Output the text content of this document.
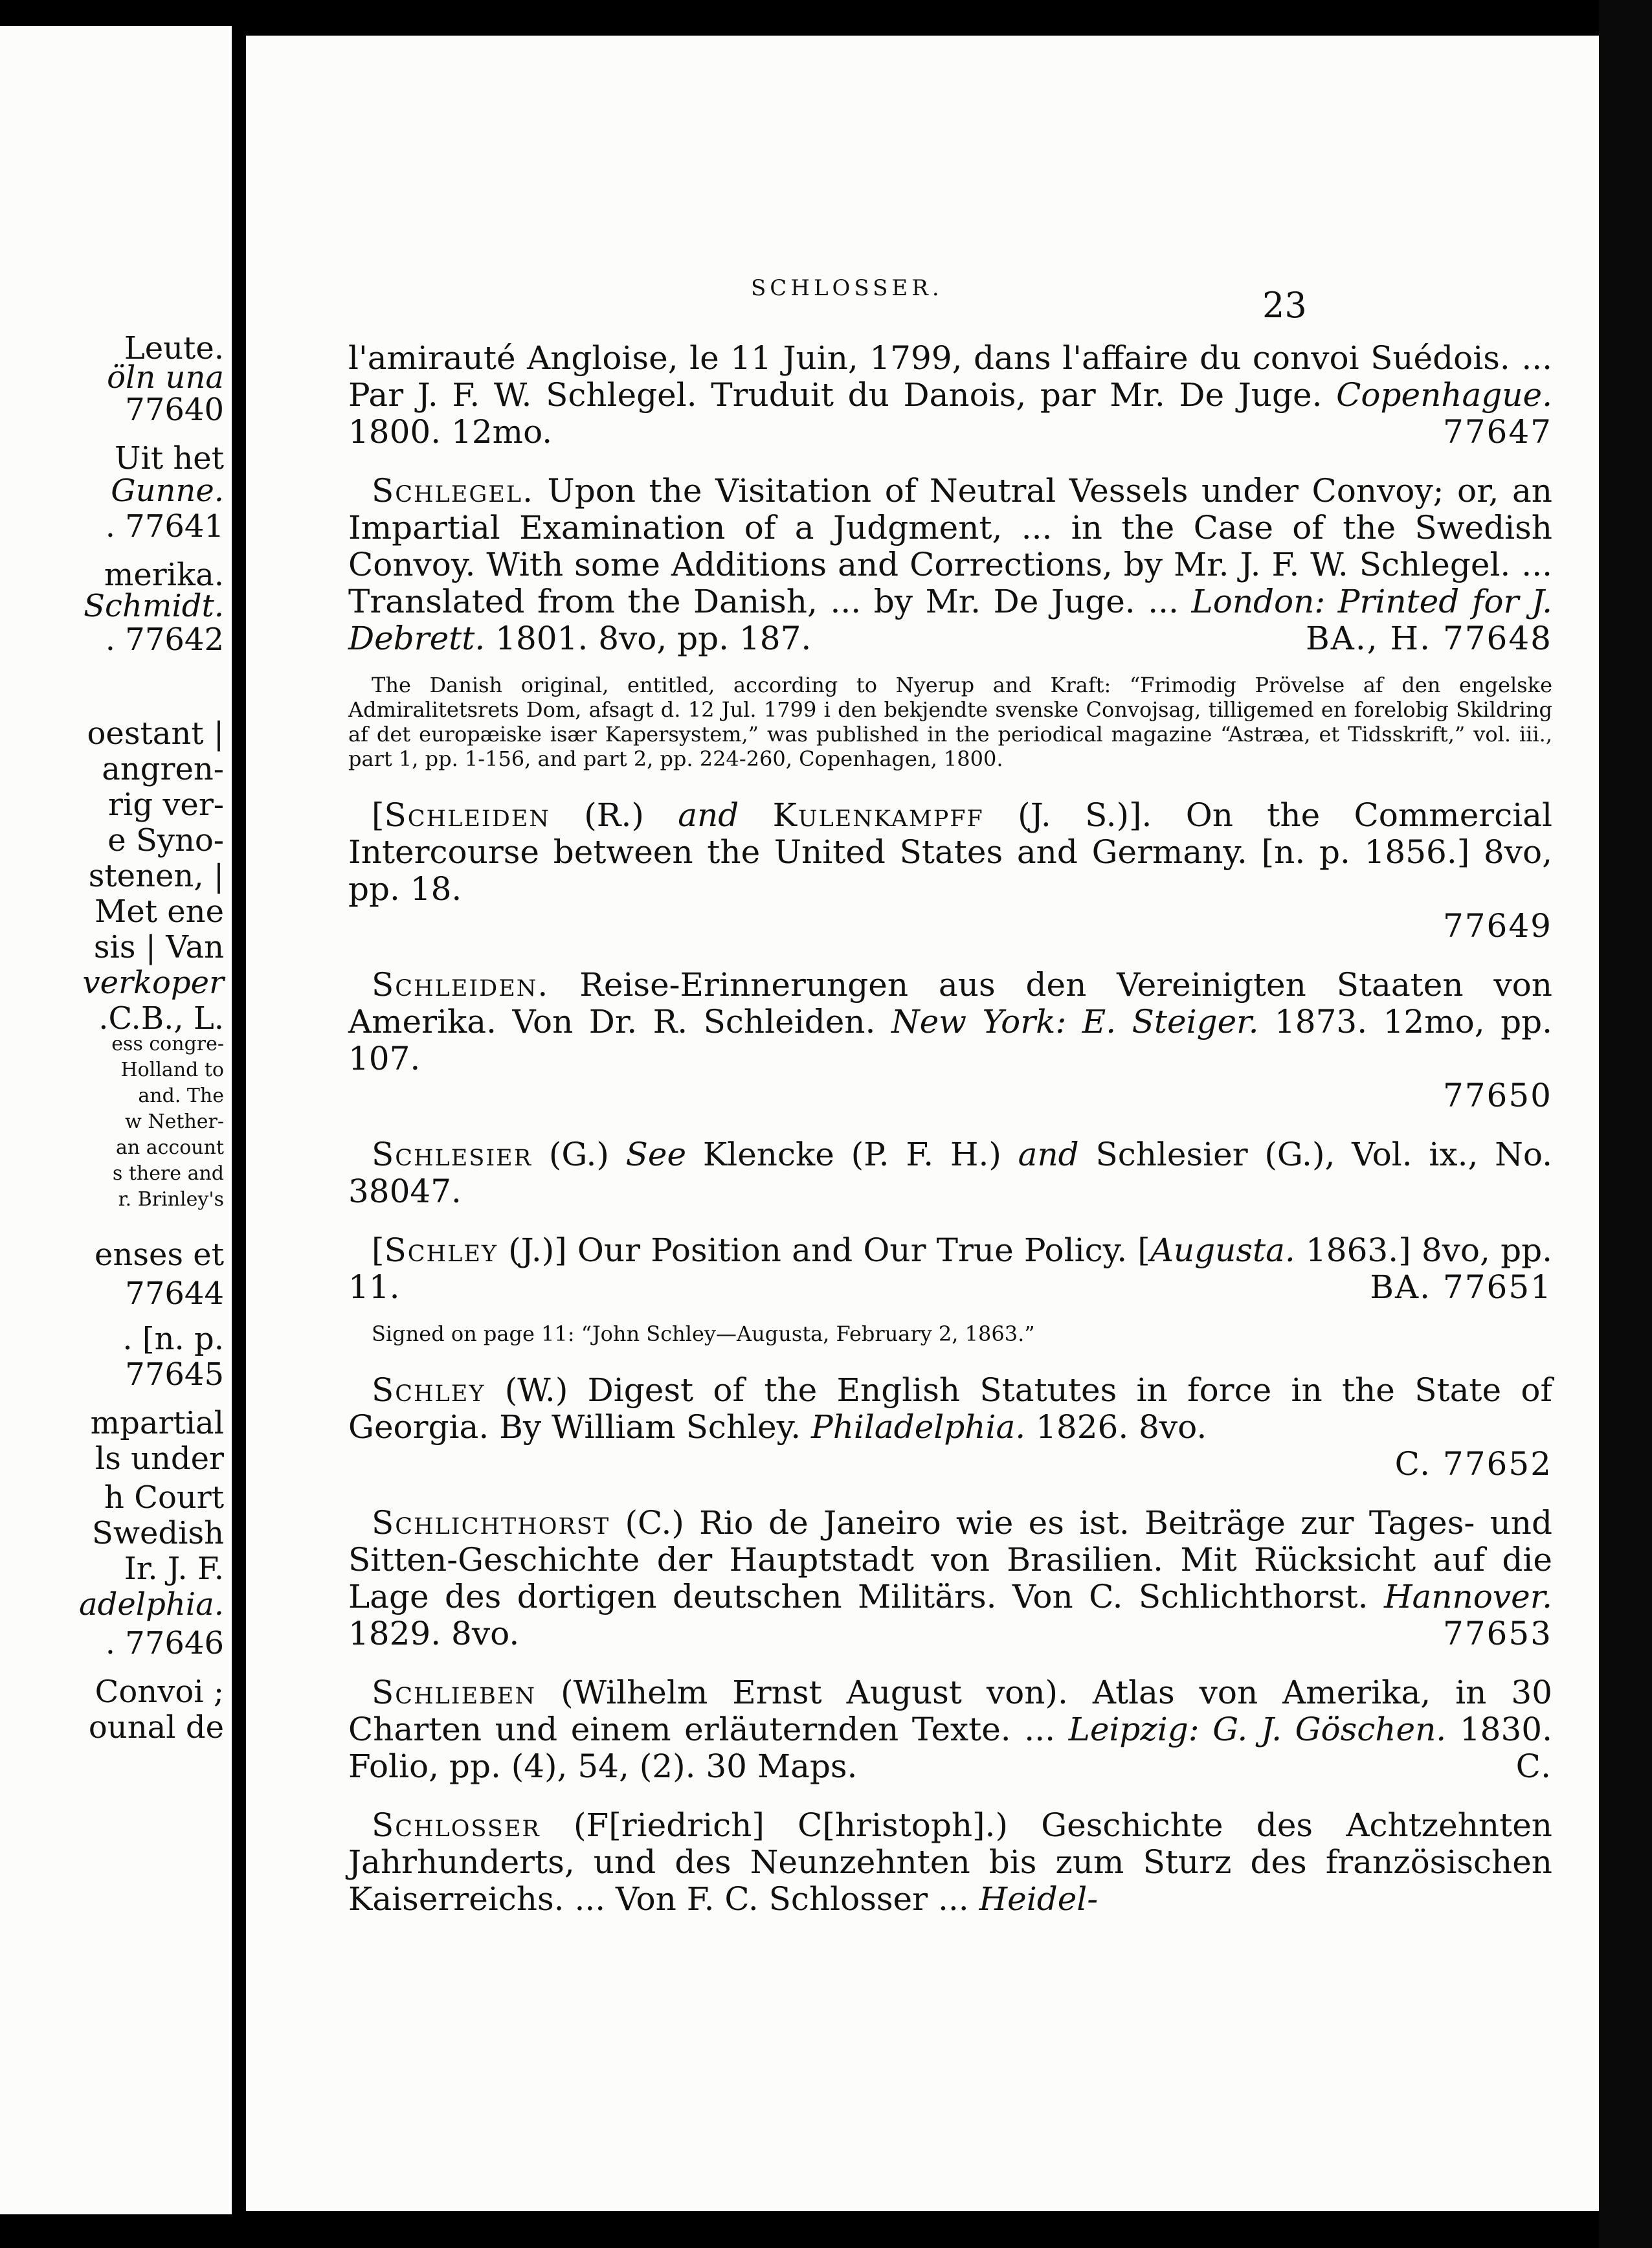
Leute.
öln una
77640
Uit het
Gunne.
. 77641
merika.
Schmidt.
. 77642
oestant |
angren-
rig ver-
e Syno-
stenen, |
Met ene
sis | Van
verkoper
.C.B., L.
ess congre-
Holland to
and. The
w Nether-
an account
s there and
r. Brinley's
enses et
77644
. [n. p.
77645
mpartial
ls under
h Court
Swedish
Ir. J. F.
adelphia.
. 77646
Convoi ;
ounal de
SCHLOSSER.	23
l'amirauté Angloise, le 11 Juin, 1799, dans l'affaire du convoi Suédois. ... Par J. F. W. Schlegel. Truduit du Danois, par Mr. De Juge. Copenhague. 1800. 12mo.	77647
Schlegel. Upon the Visitation of Neutral Vessels under Convoy; or, an Impartial Examination of a Judgment, ... in the Case of the Swedish Convoy. With some Additions and Corrections, by Mr. J. F. W. Schlegel. ... Translated from the Danish, ... by Mr. De Juge. ... London: Printed for J. Debrett. 1801. 8vo, pp. 187.	BA., H. 77648
The Danish original, entitled, according to Nyerup and Kraft: “Frimodig Prövelse af den engelske Admiralitetsrets Dom, afsagt d. 12 Jul. 1799 i den bekjendte svenske Convojsag, tilligemed en forelobig Skildring af det europæiske især Kapersystem,” was published in the periodical magazine “Astræa, et Tidsskrift,” vol. iii., part 1, pp. 1-156, and part 2, pp. 224-260, Copenhagen, 1800.
[Schleiden (R.) and Kulenkampff (J. S.)]. On the Commercial Intercourse between the United States and Germany. [n. p. 1856.] 8vo, pp. 18.
77649
Schleiden. Reise-Erinnerungen aus den Vereinigten Staaten von Amerika. Von Dr. R. Schleiden. New York: E. Steiger. 1873. 12mo, pp. 107.
77650
Schlesier (G.) See Klencke (P. F. H.) and Schlesier (G.), Vol. ix., No. 38047.
[Schley (J.)] Our Position and Our True Policy. [Augusta. 1863.] 8vo, pp. 11.	BA. 77651
Signed on page 11: “John Schley—Augusta, February 2, 1863.”
Schley (W.) Digest of the English Statutes in force in the State of Georgia. By William Schley. Philadelphia. 1826. 8vo.
C. 77652
Schlichthorst (C.) Rio de Janeiro wie es ist. Beiträge zur Tages- und Sitten-Geschichte der Hauptstadt von Brasilien. Mit Rücksicht auf die Lage des dortigen deutschen Militärs. Von C. Schlichthorst. Hannover. 1829. 8vo.	77653
Schlieben (Wilhelm Ernst August von). Atlas von Amerika, in 30 Charten und einem erläuternden Texte. ... Leipzig: G. J. Göschen. 1830. Folio, pp. (4), 54, (2). 30 Maps.	C.
Schlosser (F[riedrich] C[hristoph].) Geschichte des Achtzehnten Jahrhunderts, und des Neunzehnten bis zum Sturz des französischen Kaiserreichs. ... Von F. C. Schlosser ... Heidel-
